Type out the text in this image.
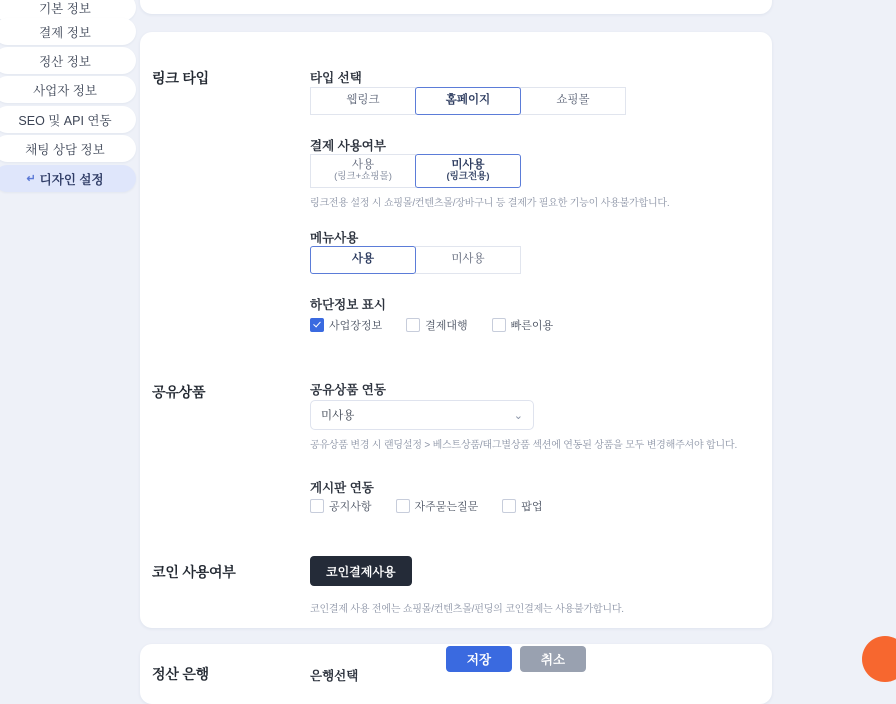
기본 정보
결제 정보
정산 정보
사업자 정보
SEO 및 API 연동
채팅 상담 정보
↵ 디자인 설정
링크 타입	타입 선택
웹링크	홈페이지	쇼핑몰
결제 사용여부
사용
(링크+쇼핑몰)
미사용
(링크전용)
링크전용 설정 시 쇼핑몰/컨텐츠몰/장바구니 등 결제가 필요한 기능이 사용불가합니다.
메뉴사용
사용	미사용
하단정보 표시
사업장정보	결제대행	빠른이용
공유상품	공유상품 연동
미사용	⌄
공유상품 변경 시 랜딩설정 > 베스트상품/태그별상품 섹션에 연동된 상품을 모두 변경해주셔야 합니다.
게시판 연동
공지사항	자주묻는질문	팝업
코인 사용여부	코인결제사용
코인결제 사용 전에는 쇼핑몰/컨텐츠몰/펀딩의 코인결제는 사용불가합니다.
정산 은행	은행선택
저장	취소
